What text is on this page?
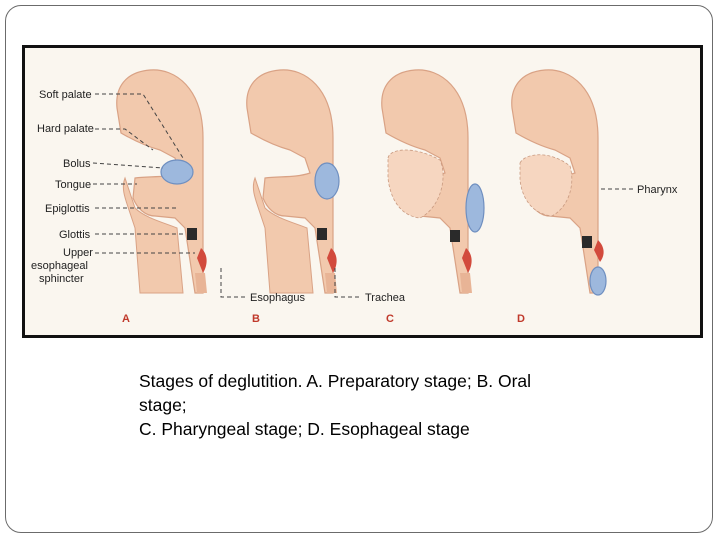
Soft palate
Hard palate
Bolus
Tongue
Epiglottis
Glottis
Upper
esophageal
sphincter
Esophagus	Trachea
Pharynx
A	B	C	D
Stages of deglutition. A. Preparatory stage; B. Oral
stage;
C. Pharyngeal stage; D. Esophageal stage
